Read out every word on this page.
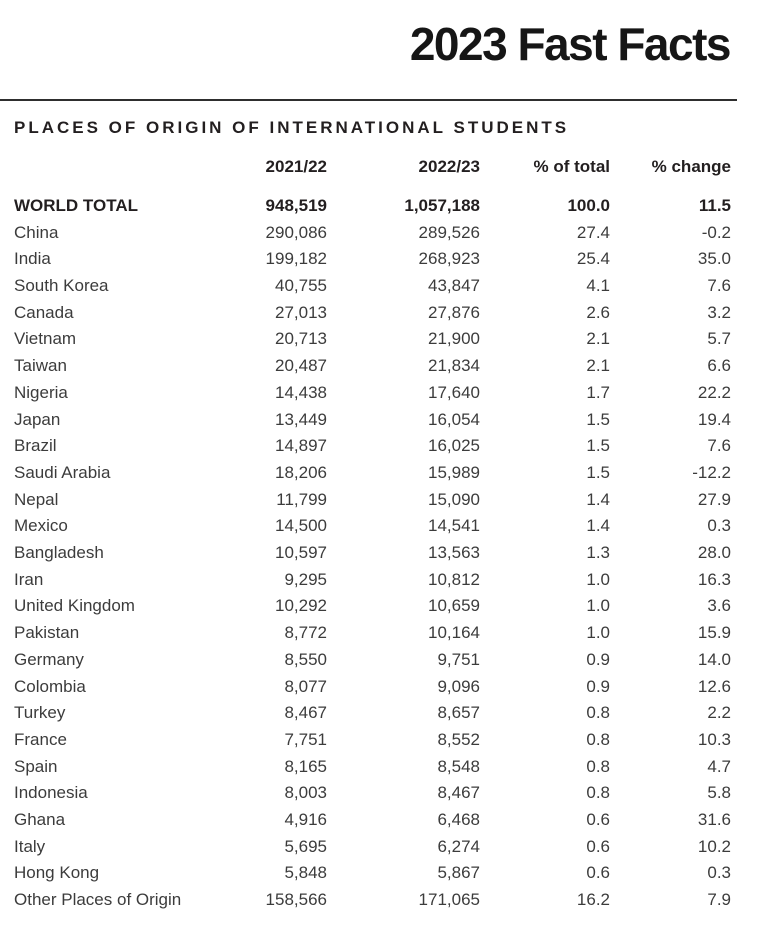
2023 Fast Facts
PLACES OF ORIGIN OF INTERNATIONAL STUDENTS
	2021/22	2022/23	% of total	% change
WORLD TOTAL	948,519	1,057,188	100.0	11.5
China	290,086	289,526	27.4	-0.2
India	199,182	268,923	25.4	35.0
South Korea	40,755	43,847	4.1	7.6
Canada	27,013	27,876	2.6	3.2
Vietnam	20,713	21,900	2.1	5.7
Taiwan	20,487	21,834	2.1	6.6
Nigeria	14,438	17,640	1.7	22.2
Japan	13,449	16,054	1.5	19.4
Brazil	14,897	16,025	1.5	7.6
Saudi Arabia	18,206	15,989	1.5	-12.2
Nepal	11,799	15,090	1.4	27.9
Mexico	14,500	14,541	1.4	0.3
Bangladesh	10,597	13,563	1.3	28.0
Iran	9,295	10,812	1.0	16.3
United Kingdom	10,292	10,659	1.0	3.6
Pakistan	8,772	10,164	1.0	15.9
Germany	8,550	9,751	0.9	14.0
Colombia	8,077	9,096	0.9	12.6
Turkey	8,467	8,657	0.8	2.2
France	7,751	8,552	0.8	10.3
Spain	8,165	8,548	0.8	4.7
Indonesia	8,003	8,467	0.8	5.8
Ghana	4,916	6,468	0.6	31.6
Italy	5,695	6,274	0.6	10.2
Hong Kong	5,848	5,867	0.6	0.3
Other Places of Origin	158,566	171,065	16.2	7.9
